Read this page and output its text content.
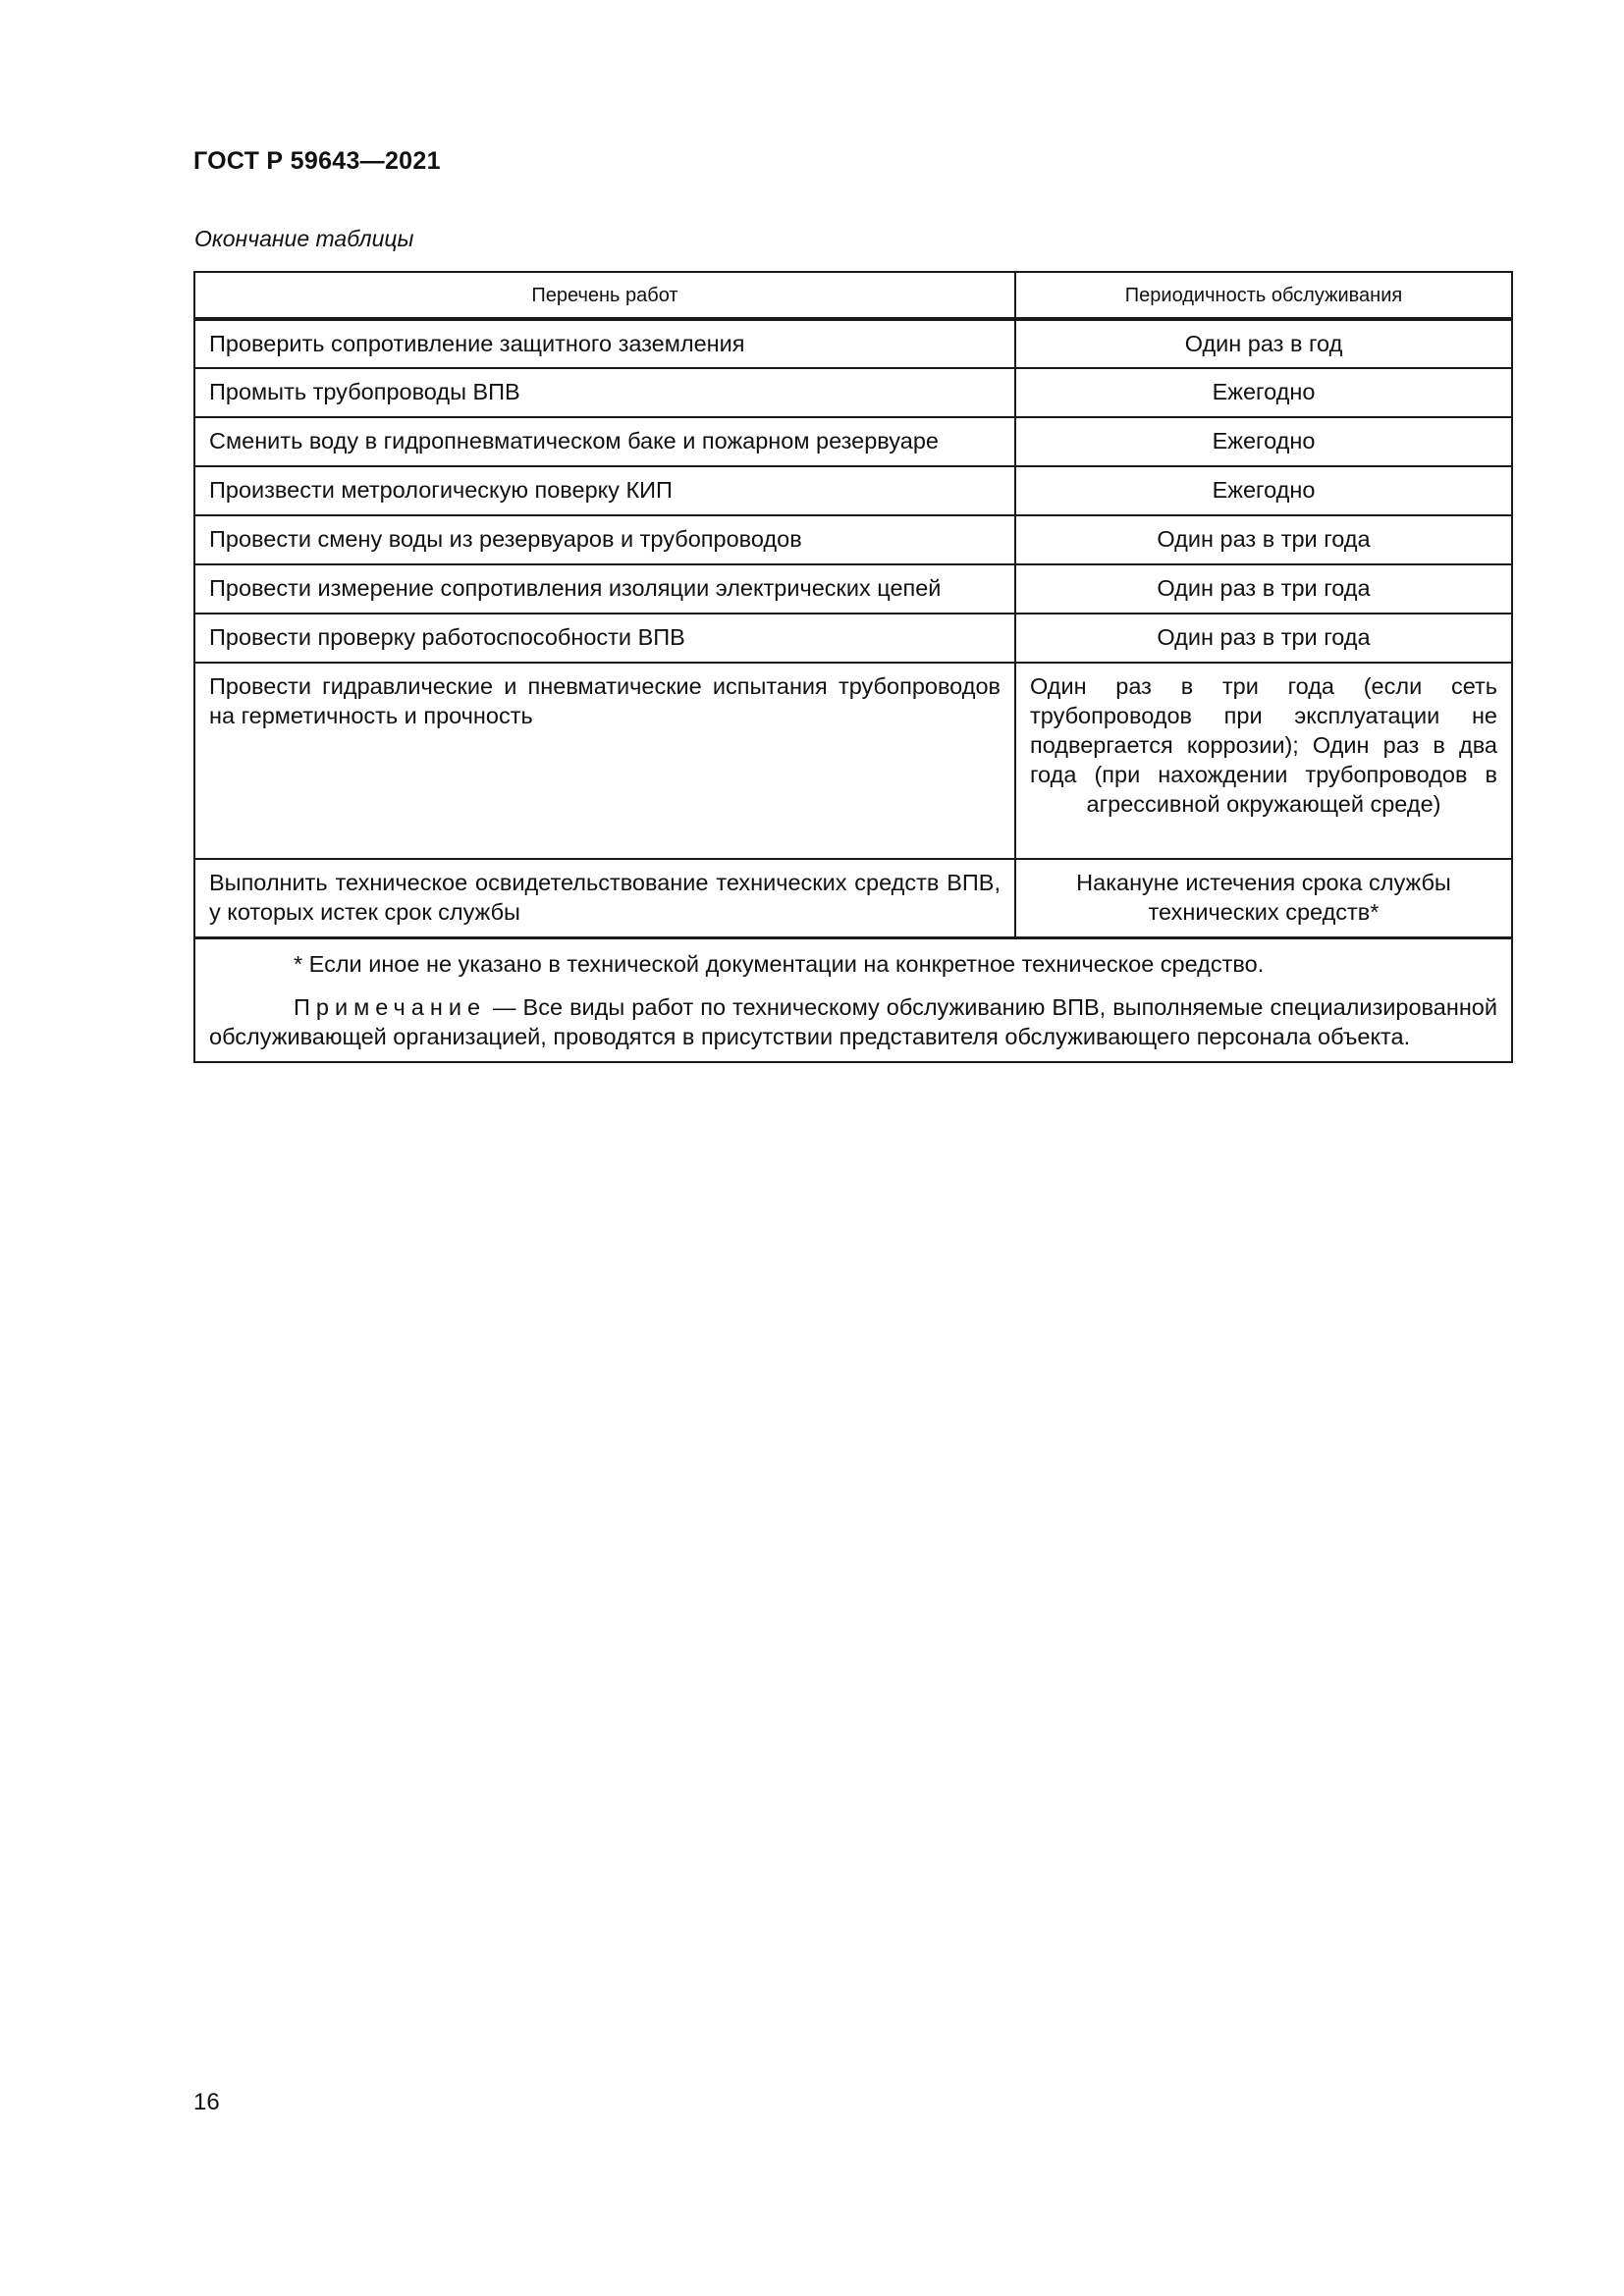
ГОСТ Р 59643—2021
Окончание таблицы
Перечень работ	Периодичность обслуживания
Проверить сопротивление защитного заземления	Один раз в год
Промыть трубопроводы ВПВ	Ежегодно
Сменить воду в гидропневматическом баке и пожарном резервуаре	Ежегодно
Произвести метрологическую поверку КИП	Ежегодно
Провести смену воды из резервуаров и трубопроводов	Один раз в три года
Провести измерение сопротивления изоляции электрических цепей	Один раз в три года
Провести проверку работоспособности ВПВ	Один раз в три года
Провести гидравлические и пневматические испытания трубопроводов на герметичность и прочность	Один раз в три года (если сеть трубопроводов при эксплуатации не подвергается коррозии); Один раз в два года (при нахождении трубопроводов в агрессивной окружающей среде)
Выполнить техническое освидетельствование технических средств ВПВ, у которых истек срок службы	Накануне истечения срока службы технических средств*

* Если иное не указано в технической документации на конкретное техническое средство.

Примечание — Все виды работ по техническому обслуживанию ВПВ, выполняемые специализированной обслуживающей организацией, проводятся в присутствии представителя обслуживающего персонала объекта.	

16
